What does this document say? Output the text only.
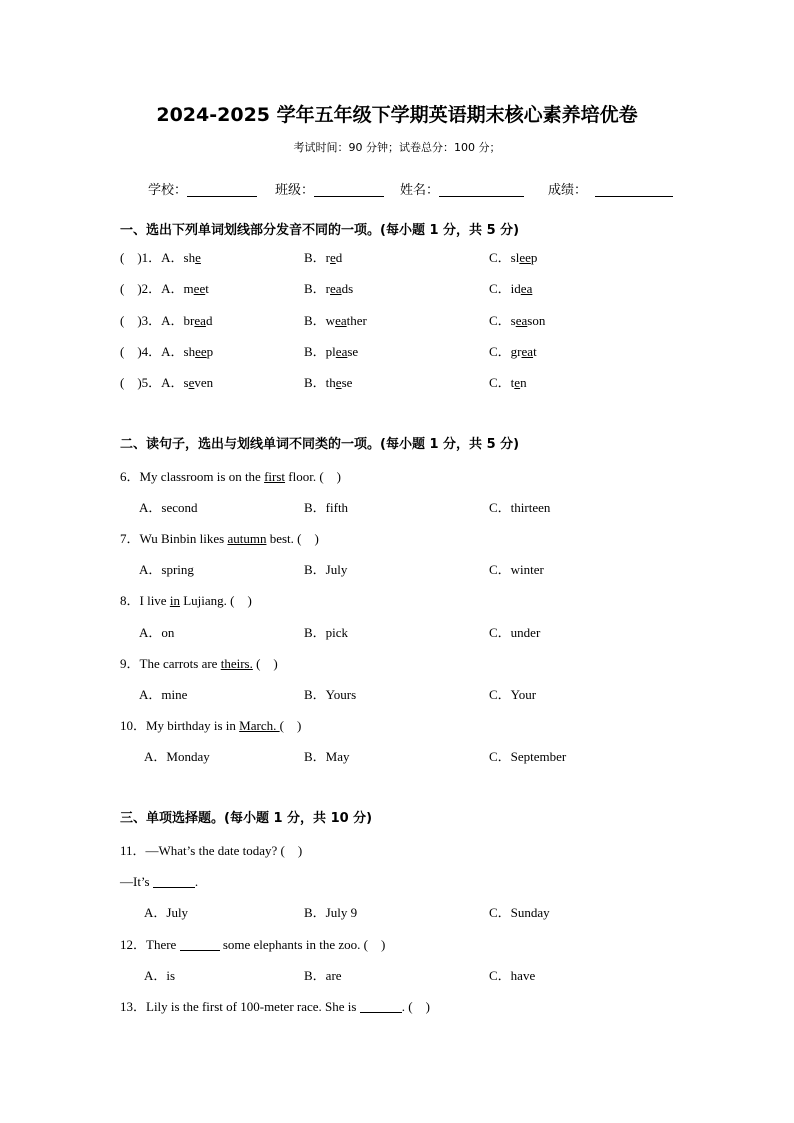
2024-2025 学年五年级下学期英语期末核心素养培优卷
考试时间：90 分钟；试卷总分：100 分；
学校：	班级：	姓名：	成绩：
一、选出下列单词划线部分发音不同的一项。(每小题 1 分，共 5 分)
(　)1．A．she	B．red	C．sleep
(　)2．A．meet	B．reads	C．idea
(　)3．A．bread	B．weather	C．season
(　)4．A．sheep	B．please	C．great
(　)5．A．seven	B．these	C．ten
二、读句子，选出与划线单词不同类的一项。(每小题 1 分，共 5 分)
6．My classroom is on the first floor. (　)
A．second	B．fifth	C．thirteen
7．Wu Binbin likes autumn best. (　)
A．spring	B．July	C．winter
8．I live in Lujiang. (　)
A．on	B．pick	C．under
9．The carrots are theirs. (　)
A．mine	B．Yours	C．Your
10．My birthday is in March. (　)
A．Monday	B．May	C．September
三、单项选择题。(每小题 1 分，共 10 分)
11．—What’s the date today? (　)
—It’s	.
A．July	B．July 9	C．Sunday
12．There	some elephants in the zoo. (　)
A．is	B．are	C．have
13．Lily is the first of 100-meter race. She is	. (　)
